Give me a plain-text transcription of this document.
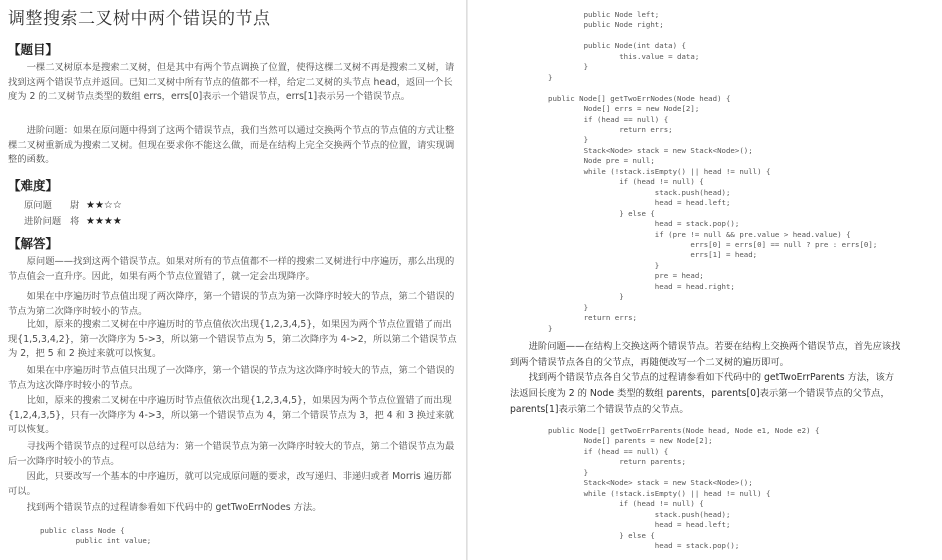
调整搜索二叉树中两个错误的节点
【题目】

一棵二叉树原本是搜索二叉树，但是其中有两个节点调换了位置，使得这棵二叉树不再是搜索二叉树，请找到这两个错误节点并返回。已知二叉树中所有节点的值都不一样，给定二叉树的头节点 head，返回一个长度为 2 的二叉树节点类型的数组 errs，errs[0]表示一个错误节点，errs[1]表示另一个错误节点。

进阶问题：如果在原问题中得到了这两个错误节点，我们当然可以通过交换两个节点的节点值的方式让整棵二叉树重新成为搜索二叉树。但现在要求你不能这么做，而是在结构上完全交换两个节点的位置，请实现调整的函数。

【难度】
原问题 尉 ★★☆☆
进阶问题 将 ★★★★
【解答】

原问题——找到这两个错误节点。如果对所有的节点值都不一样的搜索二叉树进行中序遍历，那么出现的节点值会一直升序。因此，如果有两个节点位置错了，就一定会出现降序。

如果在中序遍历时节点值出现了两次降序，第一个错误的节点为第一次降序时较大的节点，第二个错误的节点为第二次降序时较小的节点。

比如，原来的搜索二叉树在中序遍历时的节点值依次出现{1,2,3,4,5}，如果因为两个节点位置错了而出现{1,5,3,4,2}，第一次降序为 5->3，所以第一个错误节点为 5，第二次降序为 4->2，所以第二个错误节点为 2，把 5 和 2 换过来就可以恢复。

如果在中序遍历时节点值只出现了一次降序，第一个错误的节点为这次降序时较大的节点，第二个错误的节点为这次降序时较小的节点。

比如，原来的搜索二叉树在中序遍历时节点值依次出现{1,2,3,4,5}，如果因为两个节点位置错了而出现{1,2,4,3,5}，只有一次降序为 4->3，所以第一个错误节点为 4，第二个错误节点为 3，把 4 和 3 换过来就可以恢复。

寻找两个错误节点的过程可以总结为：第一个错误节点为第一次降序时较大的节点，第二个错误节点为最后一次降序时较小的节点。

因此，只要改写一个基本的中序遍历，就可以完成原问题的要求，改写递归、非递归或者 Morris 遍历都可以。

找到两个错误节点的过程请参看如下代码中的 getTwoErrNodes 方法。

public class Node {
public int value;
public Node left;
public Node right;

public Node(int data) {
this.value = data;
}
}

public Node[] getTwoErrNodes(Node head) {
Node[] errs = new Node[2];
if (head == null) {
return errs;
}
Stack<Node> stack = new Stack<Node>();
Node pre = null;
while (!stack.isEmpty() || head != null) {
if (head != null) {
stack.push(head);
head = head.left;
} else {
head = stack.pop();
if (pre != null && pre.value > head.value) {
errs[0] = errs[0] == null ? pre : errs[0];
errs[1] = head;
}
pre = head;
head = head.right;
}
}
return errs;
}

进阶问题——在结构上交换这两个错误节点。若要在结构上交换两个错误节点，首先应该找到两个错误节点各自的父节点，再随便改写一个二叉树的遍历即可。

找到两个错误节点各自父节点的过程请参看如下代码中的 getTwoErrParents 方法，该方法返回长度为 2 的 Node 类型的数组 parents，parents[0]表示第一个错误节点的父节点，parents[1]表示第二个错误节点的父节点。

public Node[] getTwoErrParents(Node head, Node e1, Node e2) {
Node[] parents = new Node[2];
if (head == null) {
return parents;
}
Stack<Node> stack = new Stack<Node>();
while (!stack.isEmpty() || head != null) {
if (head != null) {
stack.push(head);
head = head.left;
} else {
head = stack.pop();
